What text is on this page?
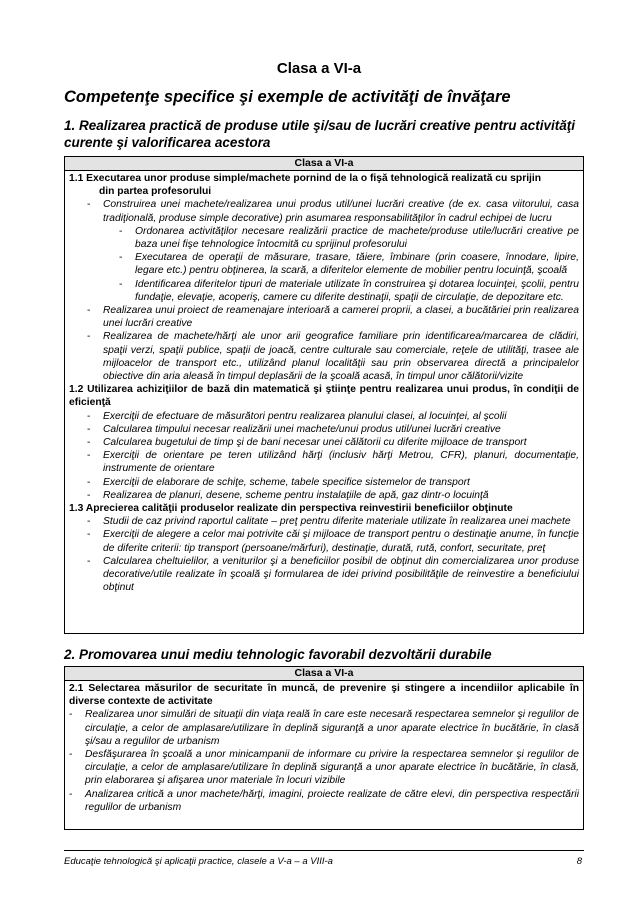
Clasa a VI-a
Competenţe specifice şi exemple de activităţi de învăţare
1. Realizarea practică de produse utile şi/sau de lucrări creative pentru activităţi curente şi valorificarea acestora
Clasa a VI-a
1.1 Executarea unor produse simple/machete pornind de la o fişă tehnologică realizată cu sprijin
din partea profesorului
- Construirea unei machete/realizarea unui produs util/unei lucrări creative (de ex. casa viitorului, casa tradiţională, produse simple decorative) prin asumarea responsabilităţilor în cadrul echipei de lucru
- Ordonarea activităţilor necesare realizării practice de machete/produse utile/lucrări creative pe baza unei fişe tehnologice întocmită cu sprijinul profesorului
- Executarea de operaţii de măsurare, trasare, tăiere, îmbinare (prin coasere, înnodare, lipire, legare etc.) pentru obţinerea, la scară, a diferitelor elemente de mobilier pentru locuinţă, şcoală
- Identificarea diferitelor tipuri de materiale utilizate în construirea şi dotarea locuinţei, şcolii, pentru fundaţie, elevaţie, acoperiş, camere cu diferite destinaţii, spaţii de circulaţie, de depozitare etc.
- Realizarea unui proiect de reamenajare interioară a camerei proprii, a clasei, a bucătăriei prin realizarea unei lucrări creative
- Realizarea de machete/hărţi ale unor arii geografice familiare prin identificarea/marcarea de clădiri, spaţii verzi, spaţii publice, spaţii de joacă, centre culturale sau comerciale, reţele de utilităţi, trasee ale mijloacelor de transport etc., utilizând planul localităţii sau prin observarea directă a principalelor obiective din aria aleasă în timpul deplasării de la şcoală acasă, în timpul unor călătorii/vizite
1.2 Utilizarea achiziţiilor de bază din matematică şi ştiinţe pentru realizarea unui produs, în condiţii de eficienţă
- Exerciţii de efectuare de măsurători pentru realizarea planului clasei, al locuinţei, al şcolii
- Calcularea timpului necesar realizării unei machete/unui produs util/unei lucrări creative
- Calcularea bugetului de timp şi de bani necesar unei călătorii cu diferite mijloace de transport
- Exerciţii de orientare pe teren utilizând hărţi (inclusiv hărţi Metrou, CFR), planuri, documentaţie, instrumente de orientare
- Exerciţii de elaborare de schiţe, scheme, tabele specifice sistemelor de transport
- Realizarea de planuri, desene, scheme pentru instalaţiile de apă, gaz dintr-o locuinţă
1.3 Aprecierea calităţii produselor realizate din perspectiva reinvestirii beneficiilor obţinute
- Studii de caz privind raportul calitate – preţ pentru diferite materiale utilizate în realizarea unei machete
- Exerciţii de alegere a celor mai potrivite căi şi mijloace de transport pentru o destinaţie anume, în funcţie de diferite criterii: tip transport (persoane/mărfuri), destinaţie, durată, rută, confort, securitate, preţ
- Calcularea cheltuielilor, a veniturilor şi a beneficiilor posibil de obţinut din comercializarea unor produse decorative/utile realizate în şcoală şi formularea de idei privind posibilităţile de reinvestire a beneficiului obţinut
2. Promovarea unui mediu tehnologic favorabil dezvoltării durabile
Clasa a VI-a
2.1 Selectarea măsurilor de securitate în muncă, de prevenire şi stingere a incendiilor aplicabile în diverse contexte de activitate
- Realizarea unor simulări de situaţii din viaţa reală în care este necesară respectarea semnelor şi regulilor de circulaţie, a celor de amplasare/utilizare în deplină siguranţă a unor aparate electrice în bucătărie, în clasă şi/sau a regulilor de urbanism
- Desfăşurarea în şcoală a unor minicampanii de informare cu privire la respectarea semnelor şi regulilor de circulaţie, a celor de amplasare/utilizare în deplină siguranţă a unor aparate electrice în bucătărie, în clasă, prin elaborarea şi afişarea unor materiale în locuri vizibile
- Analizarea critică a unor machete/hărţi, imagini, proiecte realizate de către elevi, din perspectiva respectării regulilor de urbanism
Educaţie tehnologică şi aplicaţii practice, clasele a V-a – a VIII-a	8
